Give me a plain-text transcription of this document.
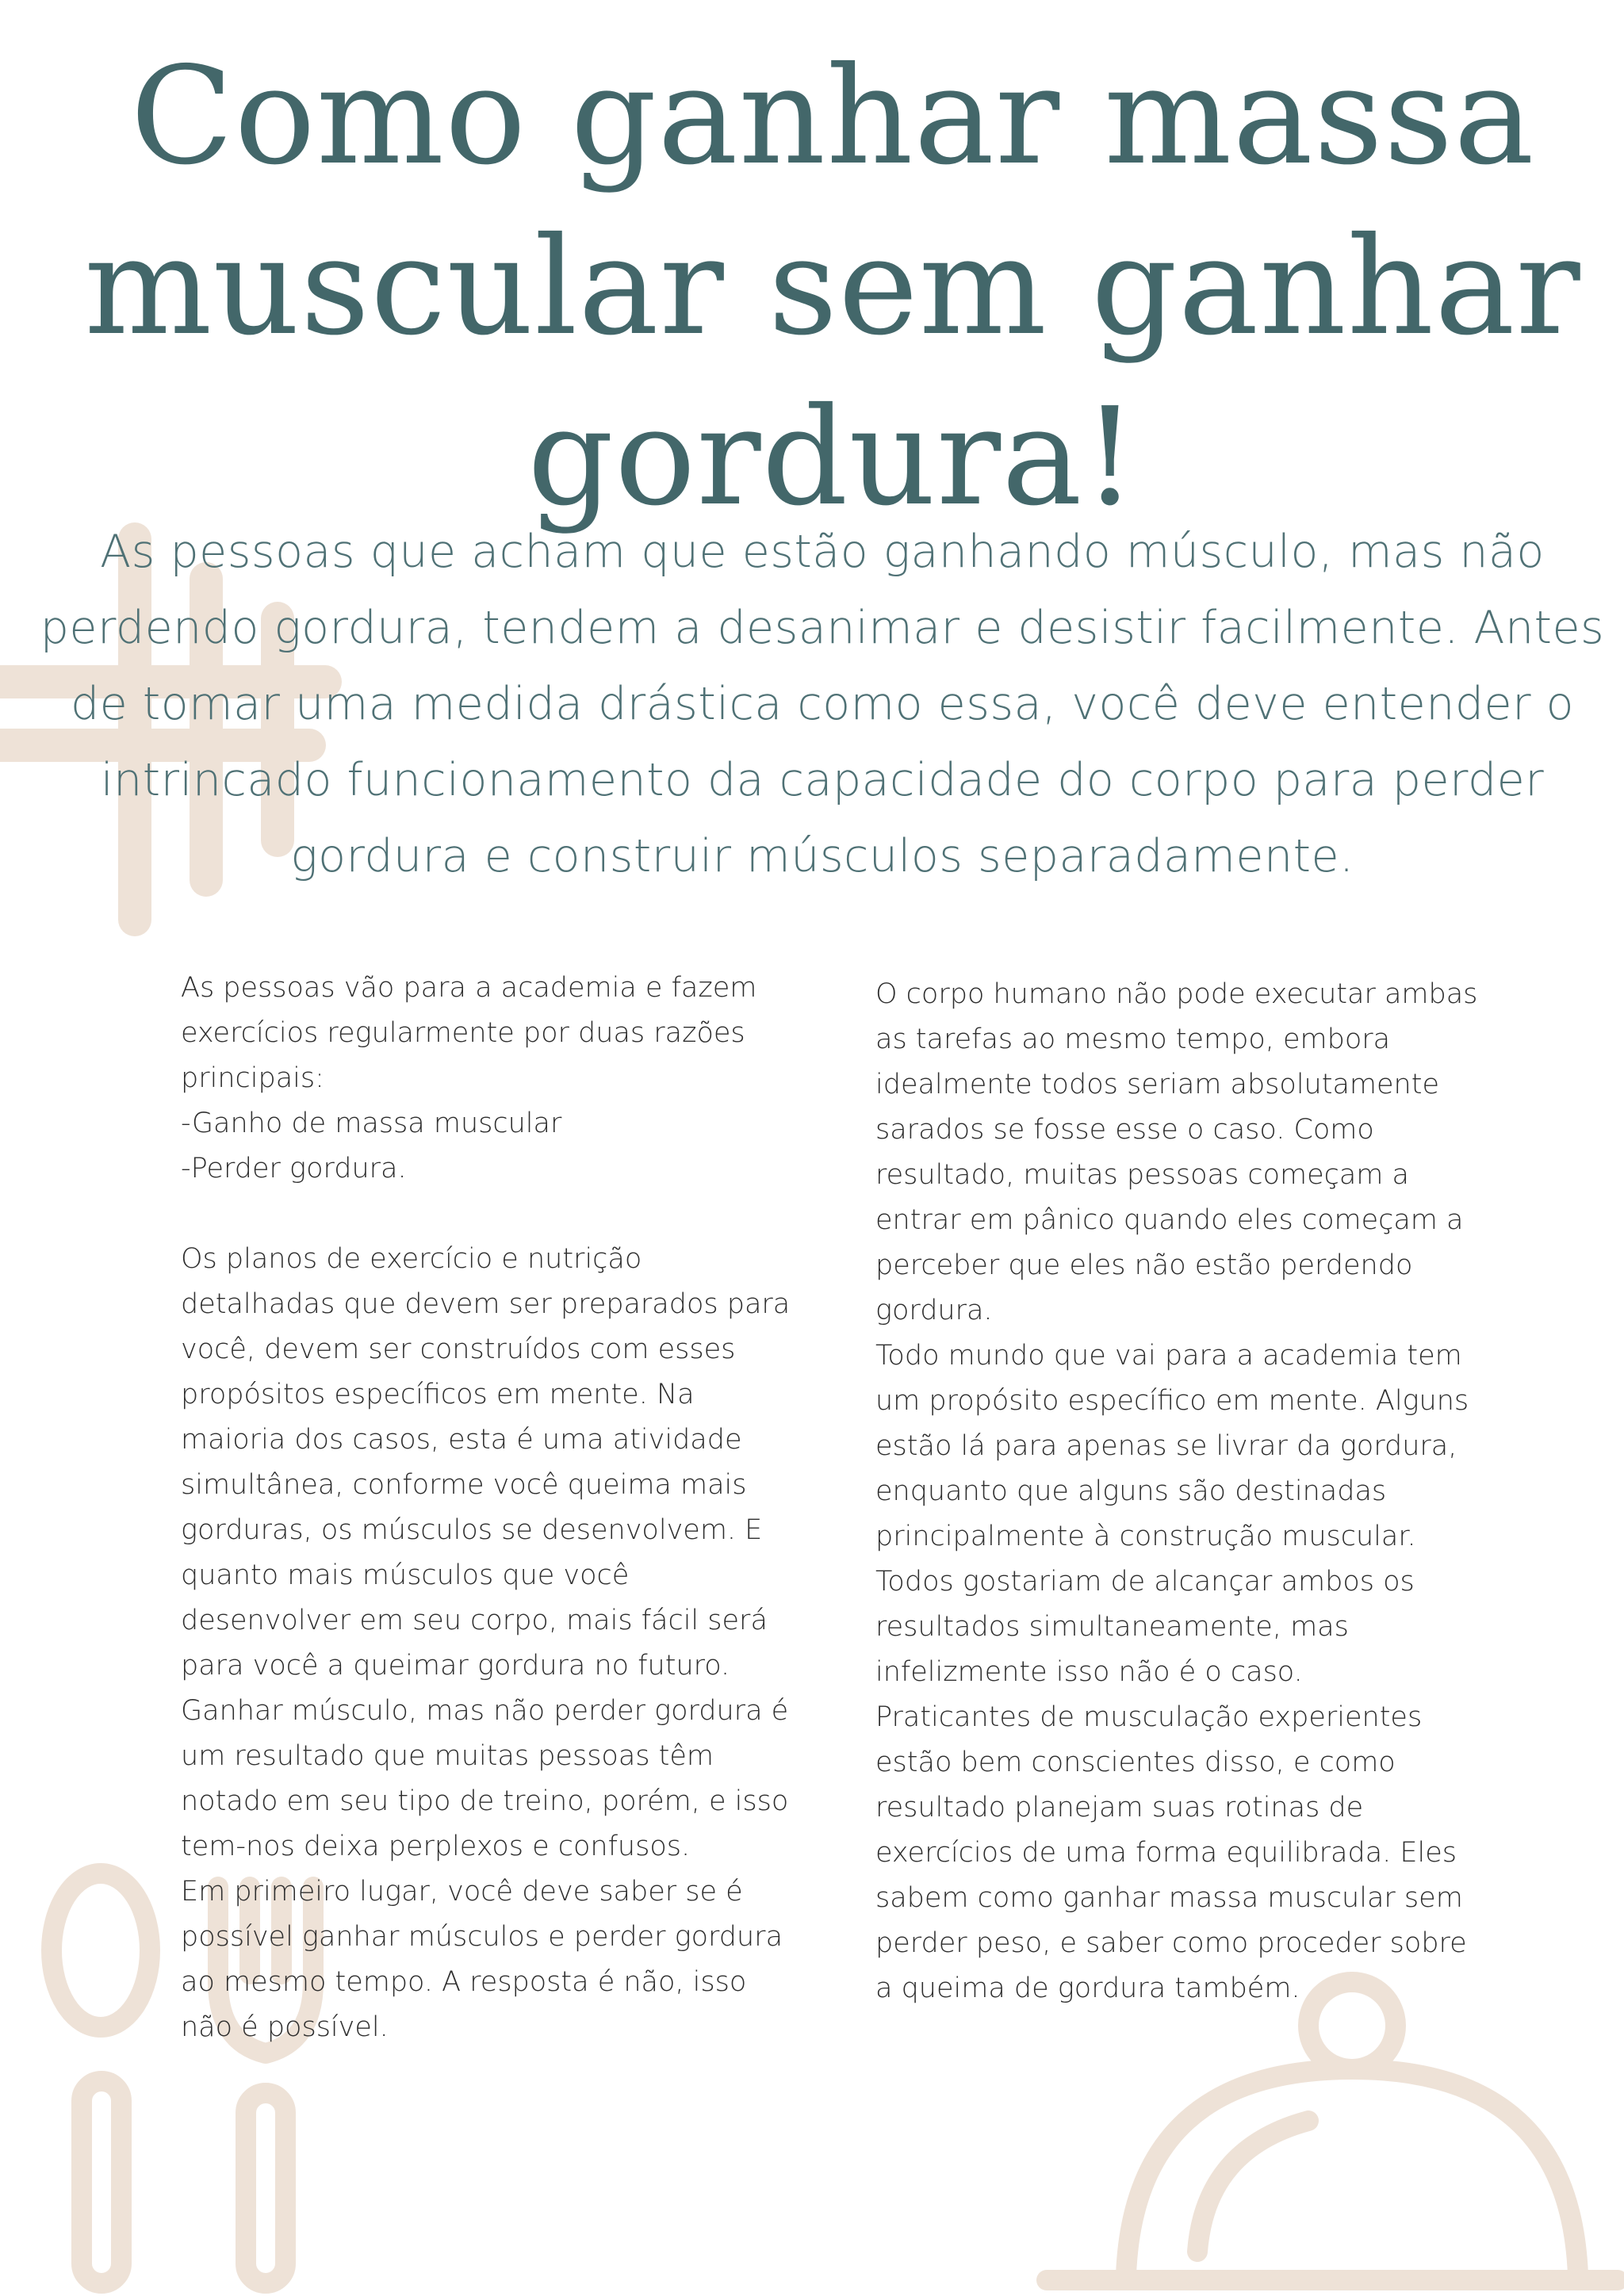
Como ganhar massa
muscular sem ganhar
gordura!

As pessoas que acham que estão ganhando músculo, mas não perdendo gordura, tendem a desanimar e desistir facilmente. Antes de tomar uma medida drástica como essa, você deve entender o intrincado funcionamento da capacidade do corpo para perder gordura e construir músculos separadamente.

As pessoas vão para a academia e fazem exercícios regularmente por duas razões principais:
-Ganho de massa muscular
-Perder gordura.

Os planos de exercício e nutrição detalhadas que devem ser preparados para você, devem ser construídos com esses propósitos específicos em mente. Na maioria dos casos, esta é uma atividade simultânea, conforme você queima mais gorduras, os músculos se desenvolvem. E quanto mais músculos que você desenvolver em seu corpo, mais fácil será para você a queimar gordura no futuro.
Ganhar músculo, mas não perder gordura é um resultado que muitas pessoas têm notado em seu tipo de treino, porém, e isso tem-nos deixa perplexos e confusos.
Em primeiro lugar, você deve saber se é possível ganhar músculos e perder gordura ao mesmo tempo. A resposta é não, isso não é possível.

O corpo humano não pode executar ambas as tarefas ao mesmo tempo, embora idealmente todos seriam absolutamente sarados se fosse esse o caso. Como resultado, muitas pessoas começam a entrar em pânico quando eles começam a perceber que eles não estão perdendo gordura.
Todo mundo que vai para a academia tem um propósito específico em mente. Alguns estão lá para apenas se livrar da gordura, enquanto que alguns são destinadas principalmente à construção muscular. Todos gostariam de alcançar ambos os resultados simultaneamente, mas infelizmente isso não é o caso.
Praticantes de musculação experientes estão bem conscientes disso, e como resultado planejam suas rotinas de exercícios de uma forma equilibrada. Eles sabem como ganhar massa muscular sem perder peso, e saber como proceder sobre a queima de gordura também.
